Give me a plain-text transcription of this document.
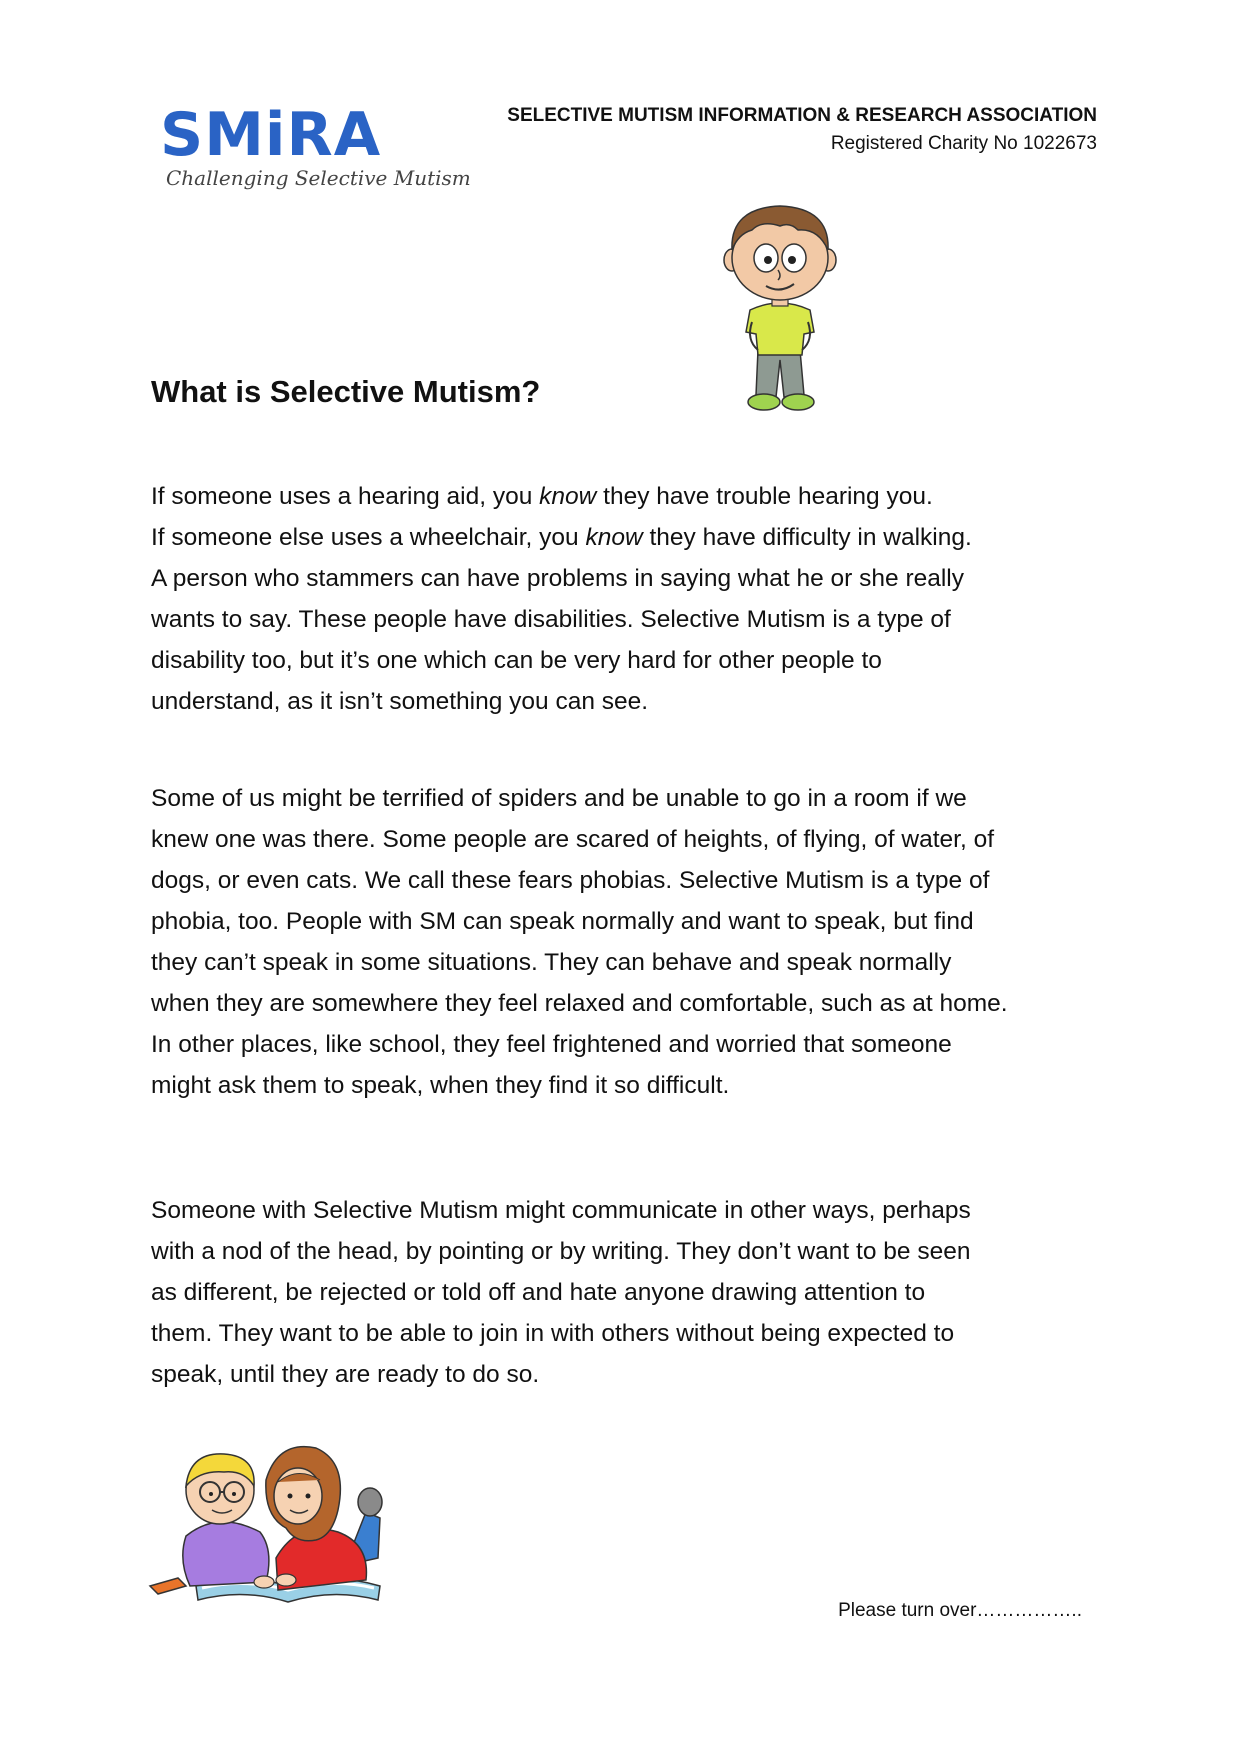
SMiRA
Challenging Selective Mutism
SELECTIVE MUTISM INFORMATION & RESEARCH ASSOCIATION
Registered Charity No 1022673
What is Selective Mutism?

If someone uses a hearing aid, you know they have trouble hearing you.
If someone else uses a wheelchair, you know they have difficulty in walking.
A person who stammers can have problems in saying what he or she really
wants to say. These people have disabilities. Selective Mutism is a type of
disability too, but it’s one which can be very hard for other people to
understand, as it isn’t something you can see.

Some of us might be terrified of spiders and be unable to go in a room if we
knew one was there. Some people are scared of heights, of flying, of water, of
dogs, or even cats. We call these fears phobias. Selective Mutism is a type of
phobia, too. People with SM can speak normally and want to speak, but find
they can’t speak in some situations. They can behave and speak normally
when they are somewhere they feel relaxed and comfortable, such as at home.
In other places, like school, they feel frightened and worried that someone
might ask them to speak, when they find it so difficult.

Someone with Selective Mutism might communicate in other ways, perhaps
with a nod of the head, by pointing or by writing. They don’t want to be seen
as different, be rejected or told off and hate anyone drawing attention to
them. They want to be able to join in with others without being expected to
speak, until they are ready to do so.

Please turn over……………..
